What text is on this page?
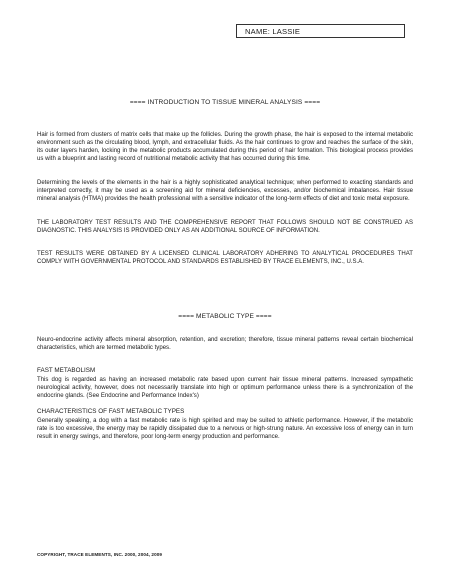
NAME: LASSIE
==== INTRODUCTION TO TISSUE MINERAL ANALYSIS ====

Hair is formed from clusters of matrix cells that make up the follicles. During the growth phase, the hair is exposed to the internal metabolic environment such as the circulating blood, lymph, and extracellular fluids. As the hair continues to grow and reaches the surface of the skin, its outer layers harden, locking in the metabolic products accumulated during this period of hair formation. This biological process provides us with a blueprint and lasting record of nutritional metabolic activity that has occurred during this time.

Determining the levels of the elements in the hair is a highly sophisticated analytical technique; when performed to exacting standards and interpreted correctly, it may be used as a screening aid for mineral deficiencies, excesses, and/or biochemical imbalances. Hair tissue mineral analysis (HTMA) provides the health professional with a sensitive indicator of the long-term effects of diet and toxic metal exposure.

THE LABORATORY TEST RESULTS AND THE COMPREHENSIVE REPORT THAT FOLLOWS SHOULD NOT BE CONSTRUED AS DIAGNOSTIC. THIS ANALYSIS IS PROVIDED ONLY AS AN ADDITIONAL SOURCE OF INFORMATION.

TEST RESULTS WERE OBTAINED BY A LICENSED CLINICAL LABORATORY ADHERING TO ANALYTICAL PROCEDURES THAT COMPLY WITH GOVERNMENTAL PROTOCOL AND STANDARDS ESTABLISHED BY TRACE ELEMENTS, INC., U.S.A.

==== METABOLIC TYPE ====

Neuro-endocrine activity affects mineral absorption, retention, and excretion; therefore, tissue mineral patterns reveal certain biochemical characteristics, which are termed metabolic types.

FAST METABOLISM

This dog is regarded as having an increased metabolic rate based upon current hair tissue mineral patterns. Increased sympathetic neurological activity, however, does not necessarily translate into high or optimum performance unless there is a synchronization of the endocrine glands. (See Endocrine and Performance Index's)

CHARACTERISTICS OF FAST METABOLIC TYPES

Generally speaking, a dog with a fast metabolic rate is high spirited and may be suited to athletic performance. However, if the metabolic rate is too excessive, the energy may be rapidly dissipated due to a nervous or high-strung nature. An excessive loss of energy can in turn result in energy swings, and therefore, poor long-term energy production and performance.

COPYRIGHT, TRACE ELEMENTS, INC. 2000, 2004, 2009
